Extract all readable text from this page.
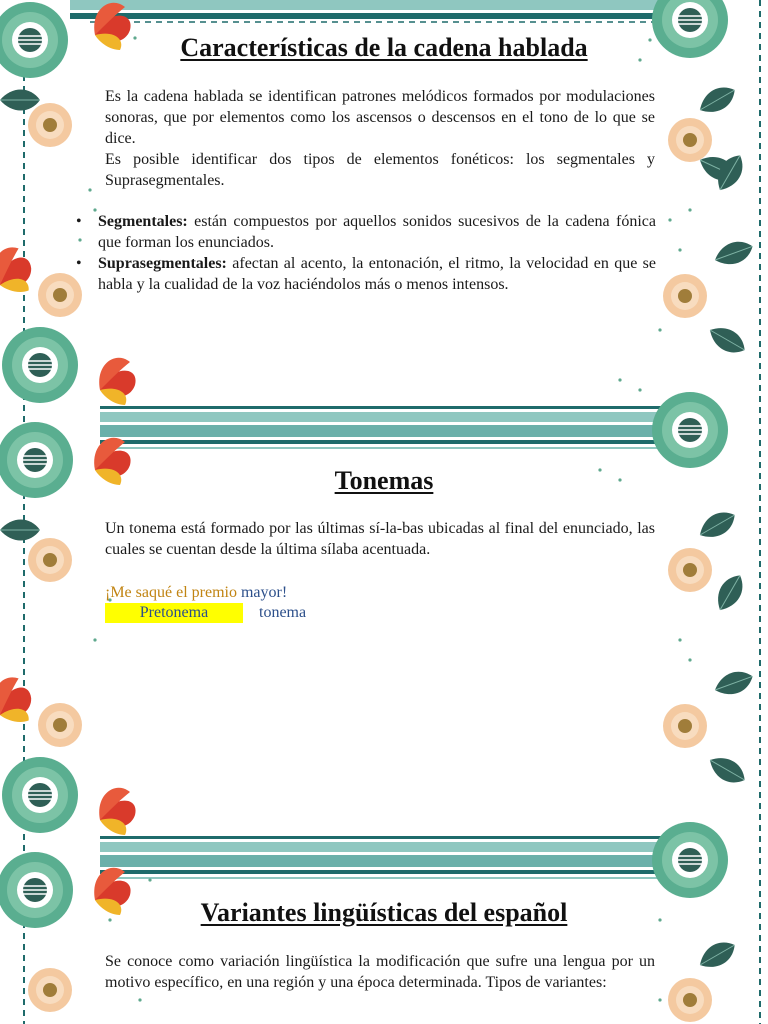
Características de la cadena hablada

Es la cadena hablada se identifican patrones melódicos formados por modulaciones sonoras, que por elementos como los ascensos o descensos en el tono de lo que se dice.

Es posible identificar dos tipos de elementos fonéticos: los segmentales y Suprasegmentales.

• Segmentales: están compuestos por aquellos sonidos sucesivos de la cadena fónica que forman los enunciados.
• Suprasegmentales: afectan al acento, la entonación, el ritmo, la velocidad en que se habla y la cualidad de la voz haciéndolos más o menos intensos.
Tonemas

Un tonema está formado por las últimas sí-la-bas ubicadas al final del enunciado, las cuales se cuentan desde la última sílaba acentuada.

¡Me saqué el premio mayor!
Pretonema	tonema
Variantes lingüísticas del español

Se conoce como variación lingüística la modificación que sufre una lengua por un motivo específico, en una región y una época determinada. Tipos de variantes:
